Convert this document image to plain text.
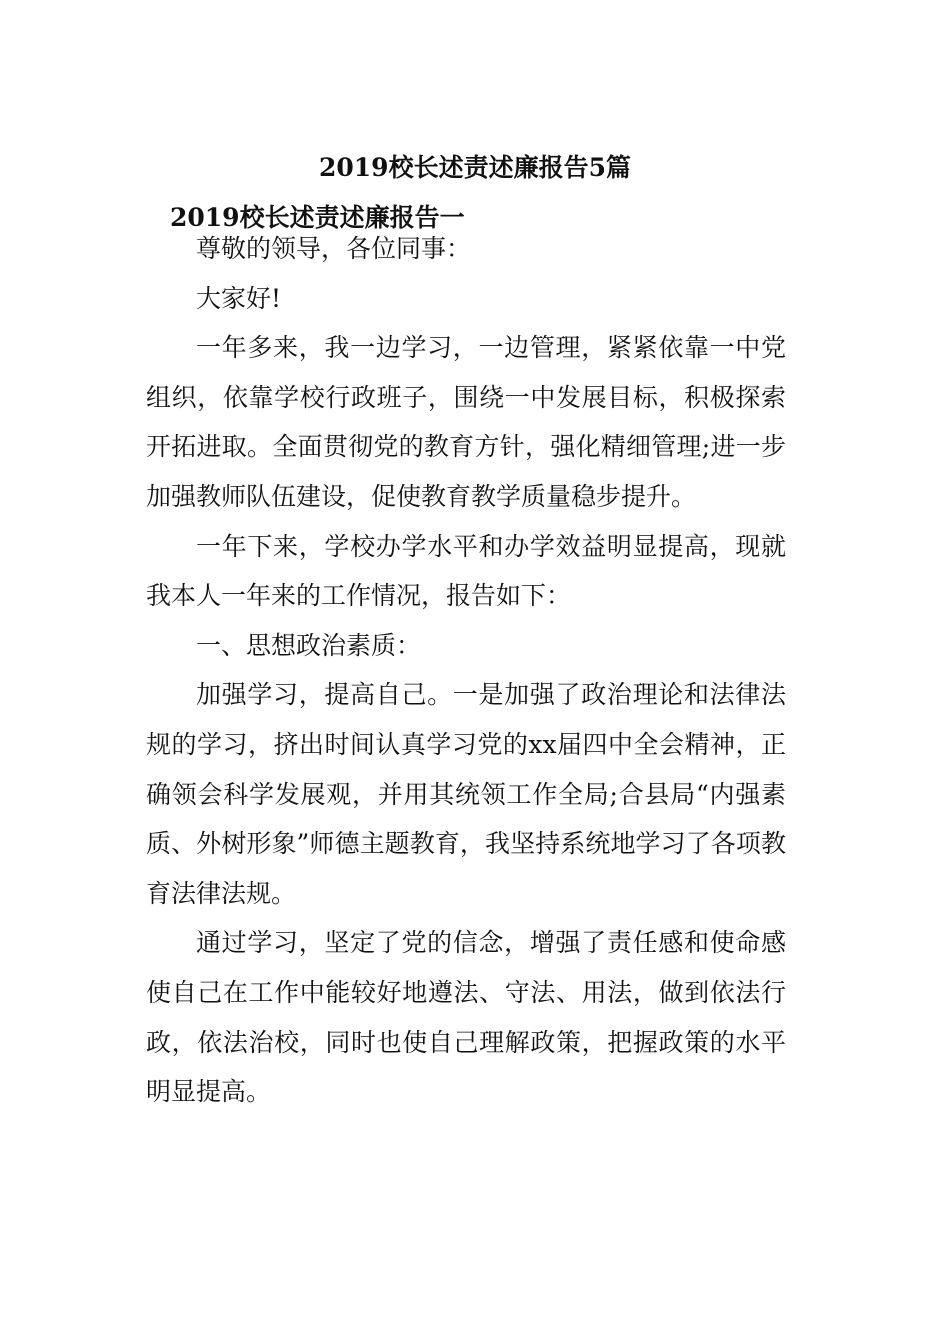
2019校长述责述廉报告5篇
2019校长述责述廉报告一

尊敬的领导，各位同事：

大家好!

一年多来，我一边学习，一边管理，紧紧依靠一中党组织，依靠学校行政班子，围绕一中发展目标，积极探索开拓进取。全面贯彻党的教育方针，强化精细管理;进一步加强教师队伍建设，促使教育教学质量稳步提升。

一年下来，学校办学水平和办学效益明显提高，现就我本人一年来的工作情况，报告如下：

一、思想政治素质：

加强学习，提高自己。一是加强了政治理论和法律法规的学习，挤出时间认真学习党的xx届四中全会精神，正确领会科学发展观，并用其统领工作全局;合县局“内强素质、外树形象”师德主题教育，我坚持系统地学习了各项教育法律法规。

通过学习，坚定了党的信念，增强了责任感和使命感使自己在工作中能较好地遵法、守法、用法，做到依法行政，依法治校，同时也使自己理解政策，把握政策的水平明显提高。
